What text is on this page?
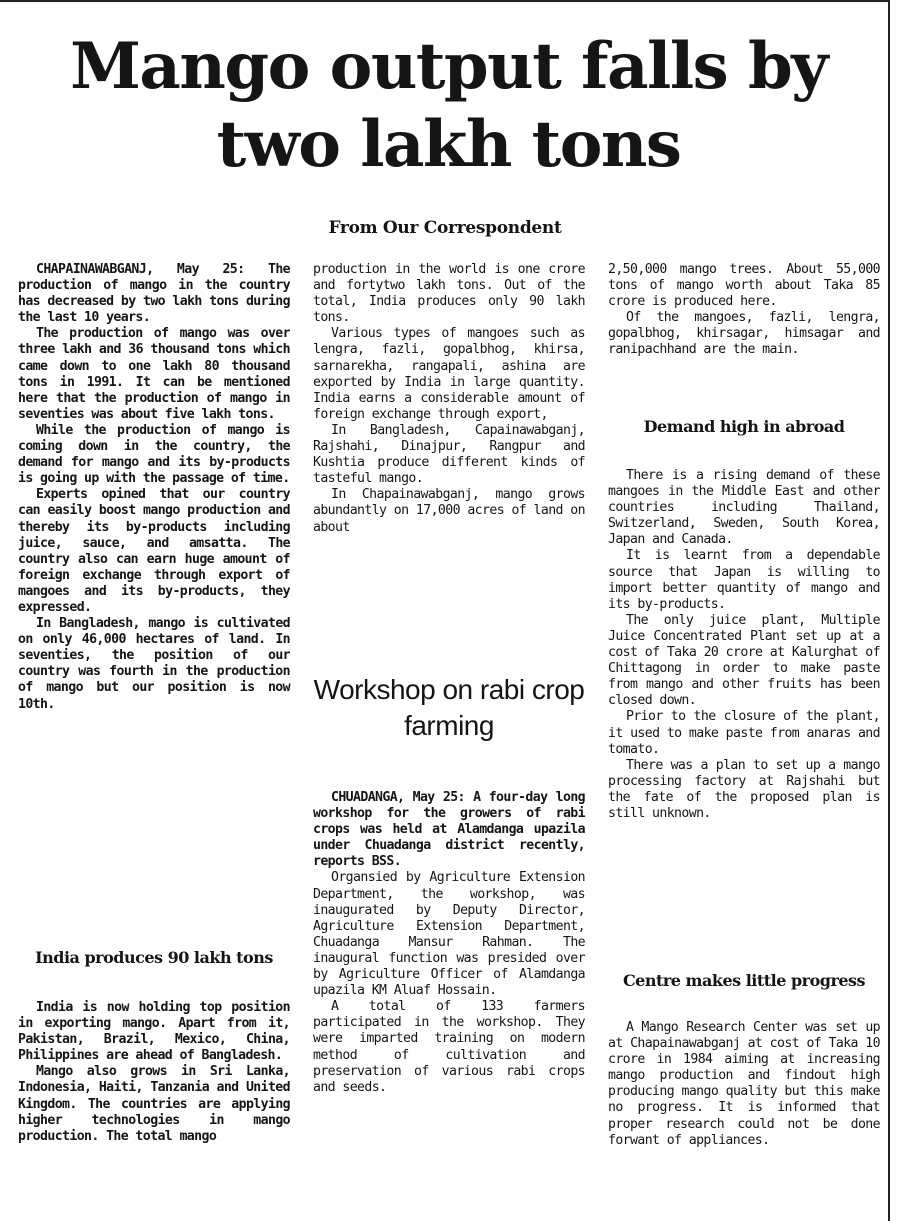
Mango output falls by two lakh tons
From Our Correspondent

CHAPAINAWABGANJ, May 25: The production of mango in the country has decreased by two lakh tons during the last 10 years.

The production of mango was over three lakh and 36 thousand tons which came down to one lakh 80 thousand tons in 1991. It can be mentioned here that the production of mango in seventies was about five lakh tons.

While the production of mango is coming down in the country, the demand for mango and its by-products is going up with the passage of time.

Experts opined that our country can easily boost mango production and thereby its by-products including juice, sauce, and amsatta. The country also can earn huge amount of foreign exchange through export of mangoes and its by-products, they expressed.

In Bangladesh, mango is cultivated on only 46,000 hectares of land. In seventies, the position of our country was fourth in the production of mango but our position is now 10th.

India produces 90 lakh tons

India is now holding top position in exporting mango. Apart from it, Pakistan, Brazil, Mexico, China, Philippines are ahead of Bangladesh.

Mango also grows in Sri Lanka, Indonesia, Haiti, Tanzania and United Kingdom. The countries are applying higher technologies in mango production. The total mango

production in the world is one crore and fortytwo lakh tons. Out of the total, India produces only 90 lakh tons.

Various types of mangoes such as lengra, fazli, gopalbhog, khirsa, sarnarekha, rangapali, ashina are exported by India in large quantity. India earns a considerable amount of foreign exchange through export,

In Bangladesh, Capainawabganj, Rajshahi, Dinajpur, Rangpur and Kushtia produce different kinds of tasteful mango.

In Chapainawabganj, mango grows abundantly on 17,000 acres of land on about

Workshop on rabi crop farming

CHUADANGA, May 25: A four-day long workshop for the growers of rabi crops was held at Alamdanga upazila under Chuadanga district recently, reports BSS.

Organsied by Agriculture Extension Department, the workshop, was inaugurated by Deputy Director, Agriculture Extension Department, Chuadanga Mansur Rahman. The inaugural function was presided over by Agriculture Officer of Alamdanga upazila KM Aluaf Hossain.

A total of 133 farmers participated in the workshop. They were imparted training on modern method of cultivation and preservation of various rabi crops and seeds.

2,50,000 mango trees. About 55,000 tons of mango worth about Taka 85 crore is produced here.

Of the mangoes, fazli, lengra, gopalbhog, khirsagar, himsagar and ranipachhand are the main.

Demand high in abroad

There is a rising demand of these mangoes in the Middle East and other countries including Thailand, Switzerland, Sweden, South Korea, Japan and Canada.

It is learnt from a dependable source that Japan is willing to import better quantity of mango and its by-products.

The only juice plant, Multiple Juice Concentrated Plant set up at a cost of Taka 20 crore at Kalurghat of Chittagong in order to make paste from mango and other fruits has been closed down.

Prior to the closure of the plant, it used to make paste from anaras and tomato.

There was a plan to set up a mango processing factory at Rajshahi but the fate of the proposed plan is still unknown.

Centre makes little progress

A Mango Research Center was set up at Chapainawabganj at cost of Taka 10 crore in 1984 aiming at increasing mango production and findout high producing mango quality but this make no progress. It is informed that proper research could not be done forwant of appliances.
